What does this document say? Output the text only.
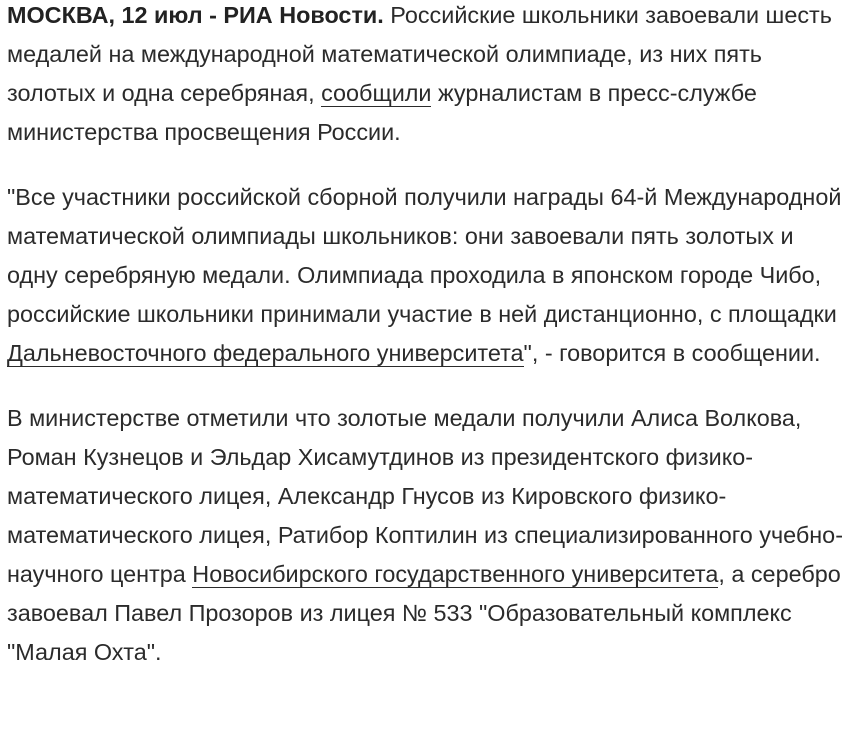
МОСКВА, 12 июл - РИА Новости. Российские школьники завоевали шесть медалей на международной математической олимпиаде, из них пять золотых и одна серебряная, сообщили журналистам в пресс-службе министерства просвещения России.

"Все участники российской сборной получили награды 64-й Международной математической олимпиады школьников: они завоевали пять золотых и одну серебряную медали. Олимпиада проходила в японском городе Чибо, российские школьники принимали участие в ней дистанционно, с площадки Дальневосточного федерального университета", - говорится в сообщении.

В министерстве отметили что золотые медали получили Алиса Волкова, Роман Кузнецов и Эльдар Хисамутдинов из президентского физико-математического лицея, Александр Гнусов из Кировского физико-математического лицея, Ратибор Коптилин из специализированного учебно-научного центра Новосибирского государственного университета, а серебро завоевал Павел Прозоров из лицея № 533 "Образовательный комплекс "Малая Охта".
